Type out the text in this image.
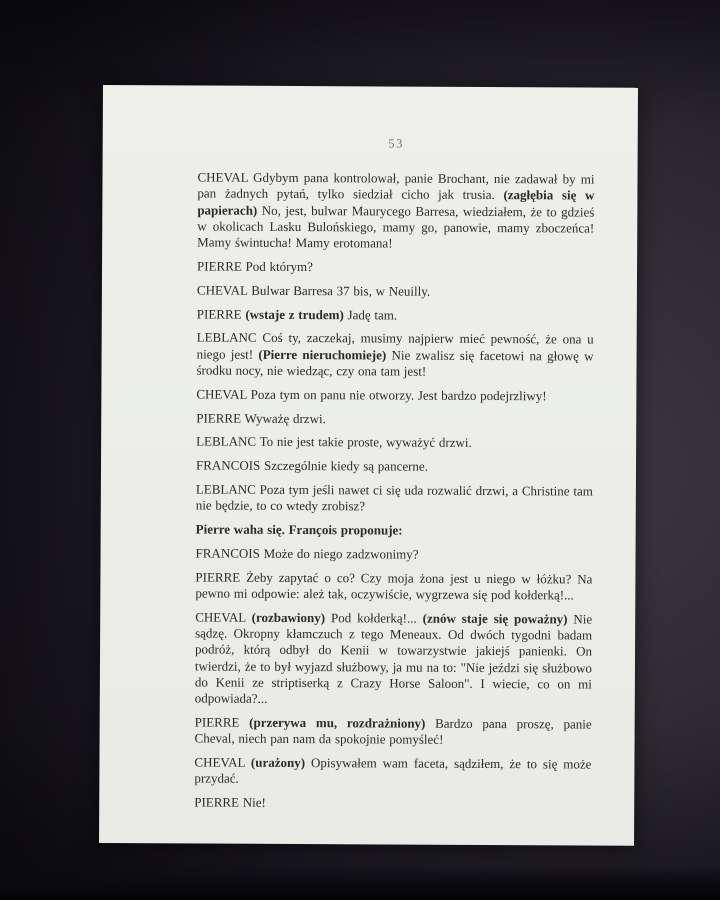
53

CHEVAL Gdybym pana kontrolował, panie Brochant, nie zadawał by mi pan żadnych pytań, tylko siedział cicho jak trusia. (zagłębia się w papierach) No, jest, bulwar Maurycego Barresa, wiedziałem, że to gdzieś w okolicach Lasku Bulońskiego, mamy go, panowie, mamy zboczeńca! Mamy świntucha! Mamy erotomana!

PIERRE Pod którym?

CHEVAL Bulwar Barresa 37 bis, w Neuilly.

PIERRE (wstaje z trudem) Jadę tam.

LEBLANC Coś ty, zaczekaj, musimy najpierw mieć pewność, że ona u niego jest! (Pierre nieruchomieje) Nie zwalisz się facetowi na głowę w środku nocy, nie wiedząc, czy ona tam jest!

CHEVAL Poza tym on panu nie otworzy. Jest bardzo podejrzliwy!

PIERRE Wyważę drzwi.

LEBLANC To nie jest takie proste, wyważyć drzwi.

FRANCOIS Szczególnie kiedy są pancerne.

LEBLANC Poza tym jeśli nawet ci się uda rozwalić drzwi, a Christine tam nie będzie, to co wtedy zrobisz?

Pierre waha się. François proponuje:

FRANCOIS Może do niego zadzwonimy?

PIERRE Żeby zapytać o co? Czy moja żona jest u niego w łóżku? Na pewno mi odpowie: ależ tak, oczywiście, wygrzewa się pod kołderką!...

CHEVAL (rozbawiony) Pod kołderką!... (znów staje się poważny) Nie sądzę. Okropny kłamczuch z tego Meneaux. Od dwóch tygodni badam podróż, którą odbył do Kenii w towarzystwie jakiejś panienki. On twierdzi, że to był wyjazd służbowy, ja mu na to: "Nie jeździ się służbowo do Kenii ze striptiserką z Crazy Horse Saloon". I wiecie, co on mi odpowiada?...

PIERRE (przerywa mu, rozdrażniony) Bardzo pana proszę, panie Cheval, niech pan nam da spokojnie pomyśleć!

CHEVAL (urażony) Opisywałem wam faceta, sądziłem, że to się może przydać.

PIERRE Nie!
